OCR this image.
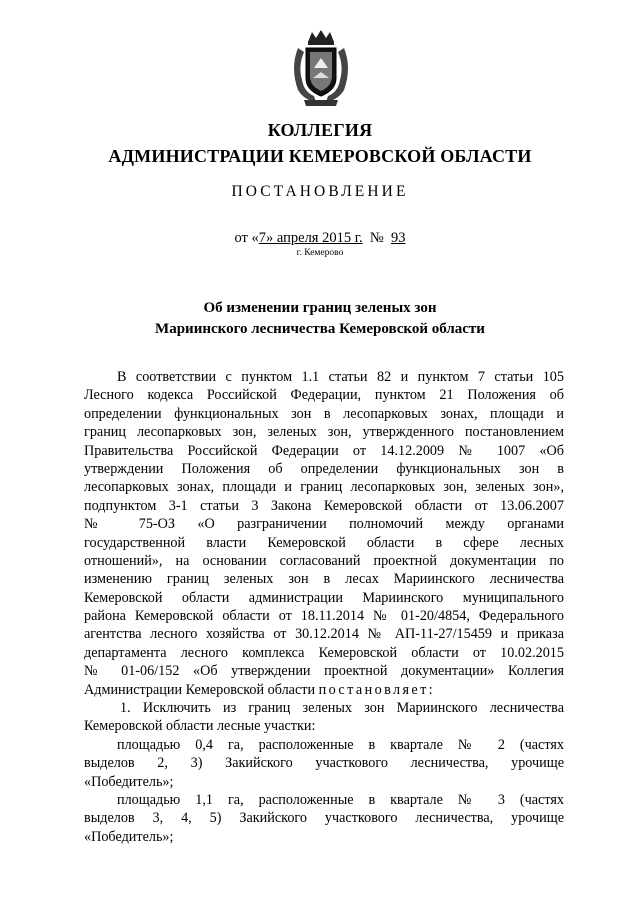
КОЛЛЕГИЯ
АДМИНИСТРАЦИИ КЕМЕРОВСКОЙ ОБЛАСТИ
ПОСТАНОВЛЕНИЕ
от «7» апреля 2015 г. № 93
г. Кемерово
Об изменении границ зеленых зон
Мариинского лесничества Кемеровской области
В соответствии с пунктом 1.1 статьи 82 и пунктом 7 статьи 105
Лесного кодекса Российской Федерации, пунктом 21 Положения об
определении функциональных зон в лесопарковых зонах, площади и
границ лесопарковых зон, зеленых зон, утвержденного постановлением
Правительства Российской Федерации от 14.12.2009 № 1007 «Об
утверждении Положения об определении функциональных зон в
лесопарковых зонах, площади и границ лесопарковых зон, зеленых зон»,
подпунктом 3-1 статьи 3 Закона Кемеровской области от 13.06.2007
№ 75-ОЗ «О разграничении полномочий между органами
государственной власти Кемеровской области в сфере лесных
отношений», на основании согласований проектной документации по
изменению границ зеленых зон в лесах Мариинского лесничества
Кемеровской области администрации Мариинского муниципального
района Кемеровской области от 18.11.2014 № 01-20/4854, Федерального
агентства лесного хозяйства от 30.12.2014 № АП-11-27/15459 и приказа
департамента лесного комплекса Кемеровской области от 10.02.2015
№ 01-06/152 «Об утверждении проектной документации» Коллегия
Администрации Кемеровской области постановляет:
1. Исключить из границ зеленых зон Мариинского лесничества
Кемеровской области лесные участки:
площадью 0,4 га, расположенные в квартале № 2 (частях
выделов 2, 3) Закийского участкового лесничества, урочище
«Победитель»;
площадью 1,1 га, расположенные в квартале № 3 (частях
выделов 3, 4, 5) Закийского участкового лесничества, урочище
«Победитель»;
